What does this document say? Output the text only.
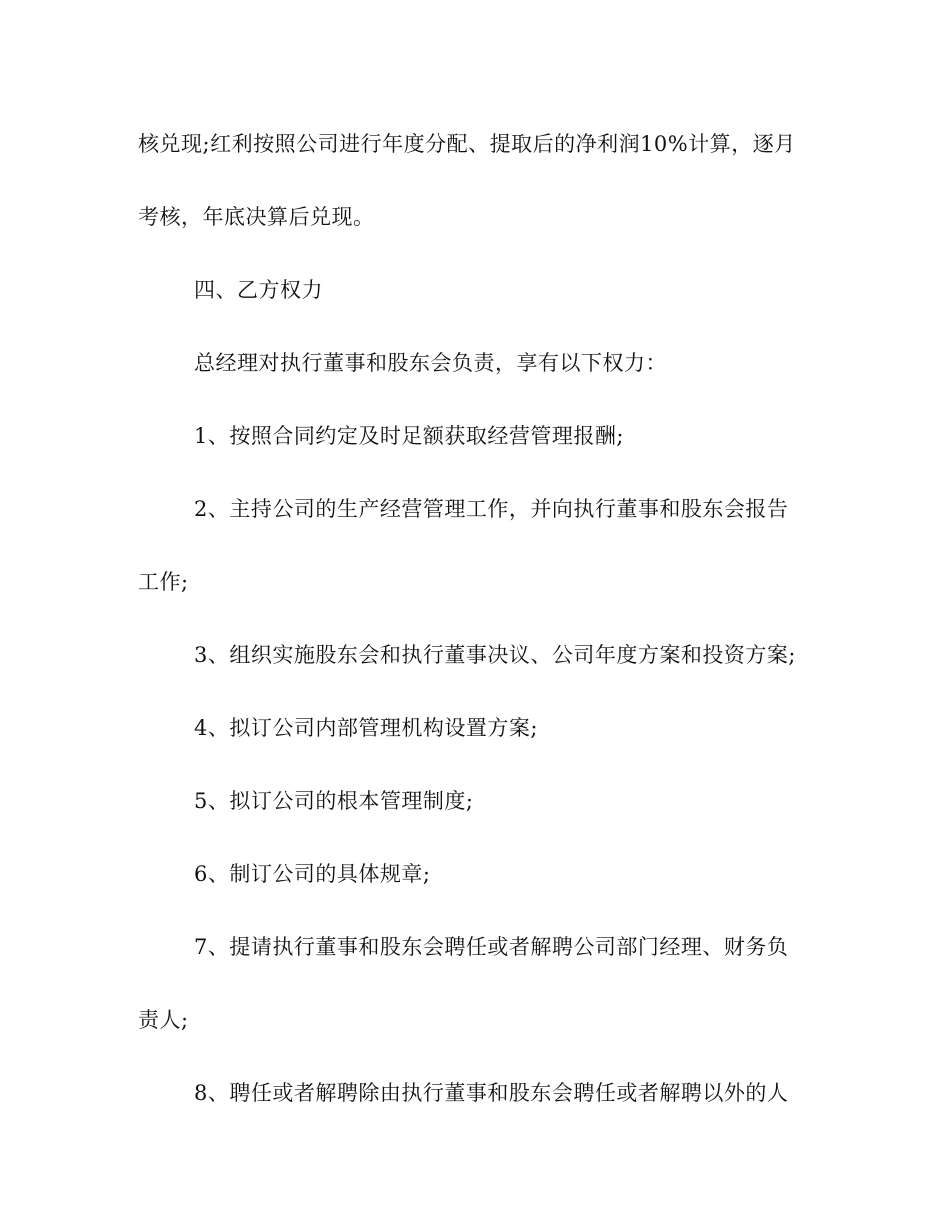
核兑现;红利按照公司进行年度分配、提取后的净利润10%计算，逐月
考核，年底决算后兑现。
四、乙方权力
总经理对执行董事和股东会负责，享有以下权力：
1、按照合同约定及时足额获取经营管理报酬;
2、主持公司的生产经营管理工作，并向执行董事和股东会报告
工作;
3、组织实施股东会和执行董事决议、公司年度方案和投资方案;
4、拟订公司内部管理机构设置方案;
5、拟订公司的根本管理制度;
6、制订公司的具体规章;
7、提请执行董事和股东会聘任或者解聘公司部门经理、财务负
责人;
8、聘任或者解聘除由执行董事和股东会聘任或者解聘以外的人
